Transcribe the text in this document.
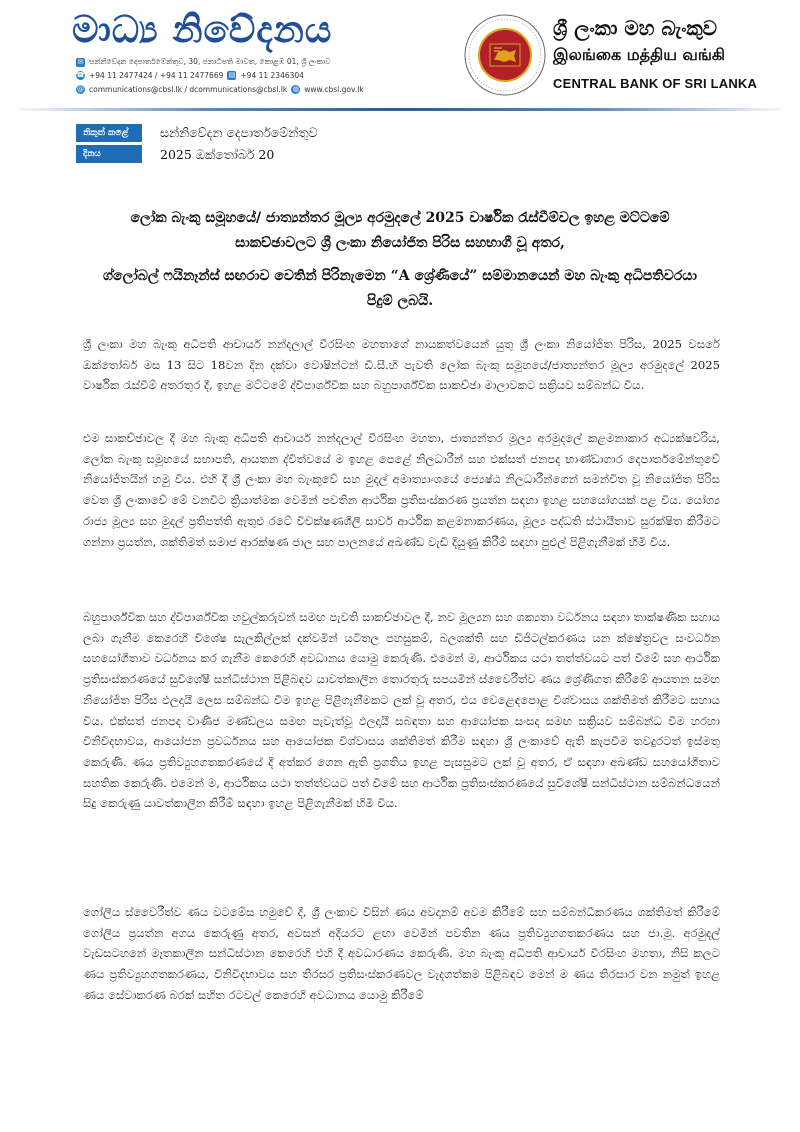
මාධ්‍ය නිවේදනය
✉ සන්නිවේදන දෙපාර්තමේන්තුව, 30, ජනාධිපති මාවත, කොළඹ 01, ශ්‍රී ලංකාව
☎ +94 11 2477424 / +94 11 2477669 ▤ +94 11 2346304
@ communications@cbsl.lk / dcommunications@cbsl.lk ◍ www.cbsl.gov.lk
ශ්‍රී ලංකා මහ බැංකුව
இலங்கை மத்திய வங்கி
CENTRAL BANK OF SRI LANKA
නිකුත් කළේ	සන්නිවේදන දෙපාර්තමේන්තුව
දිනය	2025 ඔක්තෝබර් 20
ලෝක බැංකු සමූහයේ/ ජාත්‍යන්තර මූල්‍ය අරමුදලේ 2025 වාර්ෂික රැස්වීම්වල ඉහළ මට්ටමේ සාකච්ඡාවලට ශ්‍රී ලංකා නියෝජිත පිරිස සහභාගී වූ අතර,
ග්ලෝබල් ෆයිනෑන්ස් සඟරාව වෙතින් පිරිනැමෙන “A ශ්‍රේණියේ” සම්මානයෙන් මහ බැංකු අධිපතිවරයා පිදුම් ලබයි.
ශ්‍රී ලංකා මහ බැංකු අධිපති ආචාර්ය නන්දලාල් වීරසිංහ මහතාගේ නායකත්වයෙන් යුතු ශ්‍රී ලංකා නියෝජිත පිරිස, 2025 වසරේ ඔක්තෝබර් මස 13 සිට 18වන දින දක්වා වොෂින්ටන් ඩී.සී.හි පැවති ලෝක බැංකු සමූහයේ/ජාත්‍යන්තර මූල්‍ය අරමුදලේ 2025 වාර්ෂික රැස්වීම් අතරතුර දී, ඉහළ මට්ටමේ ද්විපාර්ශ්වික සහ බහුපාර්ශ්වික සාකච්ඡා මාලාවකට සක්‍රියව සම්බන්ධ විය.
එම සාකච්ඡාවල දී මහ බැංකු අධිපති ආචාර්ය නන්දලාල් වීරසිංහ මහතා, ජාත්‍යන්තර මූල්‍ය අරමුදලේ කළමනාකාර අධ්‍යක්ෂවරිය, ලෝක බැංකු සමූහයේ සභාපති, ආයතන ද්විත්වයේ ම ඉහළ පෙළේ නිලධාරීන් සහ එක්සත් ජනපද භාණ්ඩාගාර දෙපාර්තමේන්තුවේ නියෝජිතයින් හමු විය. එහි දී ශ්‍රී ලංකා මහ බැංකුවේ සහ මුදල් අමාත්‍යාංශයේ ජ්‍යෙෂ්ඨ නිලධාරීන්ගෙන් සමන්විත වූ නියෝජිත පිරිස වෙත ශ්‍රී ලංකාවේ මේ වනවිට ක්‍රියාත්මක වෙමින් පවතින ආර්ථික ප්‍රතිසංස්කරණ ප්‍රයත්න සඳහා ඉහළ සහයෝගයක් පළ විය. යෝග්‍ය රාජ්‍ය මූල්‍ය සහ මුදල් ප්‍රතිපත්ති ඇතුළු රටේ විචක්ෂණශීලී සාර්ව ආර්ථික කළමනාකරණය, මූල්‍ය පද්ධති ස්ථායීතාව සුරක්ෂිත කිරීමට ගන්නා ප්‍රයත්න, ශක්තිමත් සමාජ ආරක්ෂණ ජාල සහ පාලනයේ අඛණ්ඩ වැඩි දියුණු කිරීම් සඳහා පුළුල් පිළිගැනීමක් හිමි විය.
බහුපාර්ශ්වික සහ ද්විපාර්ශ්වික හවුල්කරුවන් සමඟ පැවති සාකච්ඡාවල දී, නව මූල්‍යන සහ ශක්‍යතා වර්ධනය සඳහා තාක්ෂණික සහාය ලබා ගැනීම කෙරෙහි විශේෂ සැලකිල්ලක් දක්වමින් යටිතල පහසුකම්, බලශක්ති සහ ඩිජිටල්කරණය යන ක්ෂේත්‍රවල සංවර්ධන සහයෝගීතාව වර්ධනය කර ගැනීම කෙරෙහි අවධානය යොමු කෙරුණි. එමෙන් ම, ආර්ථිකය යථා තත්ත්වයට පත් වීමේ සහ ආර්ථික ප්‍රතිසංස්කරණයේ සුවිශේෂී සන්ධිස්ථාන පිළිබඳව යාවත්කාලීන තොරතුරු සපයමින් ස්වෛරීත්ව ණය ශ්‍රේණිගත කිරීමේ ආයතන සමඟ නියෝජිත පිරිස ඵලදායී ලෙස සම්බන්ධ වීම ඉහළ පිළිගැනීමකට ලක් වූ අතර, එය වෙළෙඳපොළ විශ්වාසය ශක්තිමත් කිරීමට සහාය විය. එක්සත් ජනපද වාණිජ මණ්ඩලය සමඟ පැවැත්වූ ඵලදායී සබඳතා සහ ආයෝජක සංසද සමඟ සක්‍රියව සම්බන්ධ වීම හරහා විනිවිදභාවය, ආයෝජන ප්‍රවර්ධනය සහ ආයෝජක විශ්වාසය ශක්තිමත් කිරීම සඳහා ශ්‍රී ලංකාවේ ඇති කැපවීම තවදුරටත් ඉස්මතු කෙරුණි. ණය ප්‍රතිව්‍යුහගතකරණයේ දී අත්කර ගෙන ඇති ප්‍රගතිය ඉහළ පැසසුමට ලක් වූ අතර, ඒ සඳහා අඛණ්ඩ සහයෝගීතාව සහතික කෙරුණි. එමෙන් ම, ආර්ථිකය යථා තත්ත්වයට පත් වීමේ සහ ආර්ථික ප්‍රතිසංස්කරණයේ සුවිශේෂී සන්ධිස්ථාන සම්බන්ධයෙන් සිදු කෙරුණු යාවත්කාලීන කිරීම් සඳහා ඉහළ පිළිගැනීමක් හිමි විය.
ගෝලීය ස්වෛරීත්ව ණය වටමේස හමුවේ දී, ශ්‍රී ලංකාව විසින් ණය අවදානම් අවම කිරීමේ සහ සම්බන්ධීකරණය ශක්තිමත් කිරීමේ ගෝලීය ප්‍රයත්න අගය කෙරුණු අතර, අවසන් අදියරට ළඟා වෙමින් පවතින ණය ප්‍රතිව්‍යුහගතකරණය සහ ජා.මූ. අරමුදල් වැඩසටහනේ මෑතකාලීන සන්ධිස්ථාන කෙරෙහි එහි දී අවධාරණය කෙරුණි. මහ බැංකු අධිපති ආචාර්ය වීරසිංහ මහතා, නිසි කලට ණය ප්‍රතිව්‍යුහගතකරණය, විනිවිදභාවය සහ තිරසර ප්‍රතිසංස්කරණවල වැදගත්කම පිළිබඳව මෙන් ම ණය තිරසාර වන නමුත් ඉහළ ණය සේවාකරණ බරක් සහිත රටවල් කෙරෙහි අවධානය යොමු කිරීමේ
